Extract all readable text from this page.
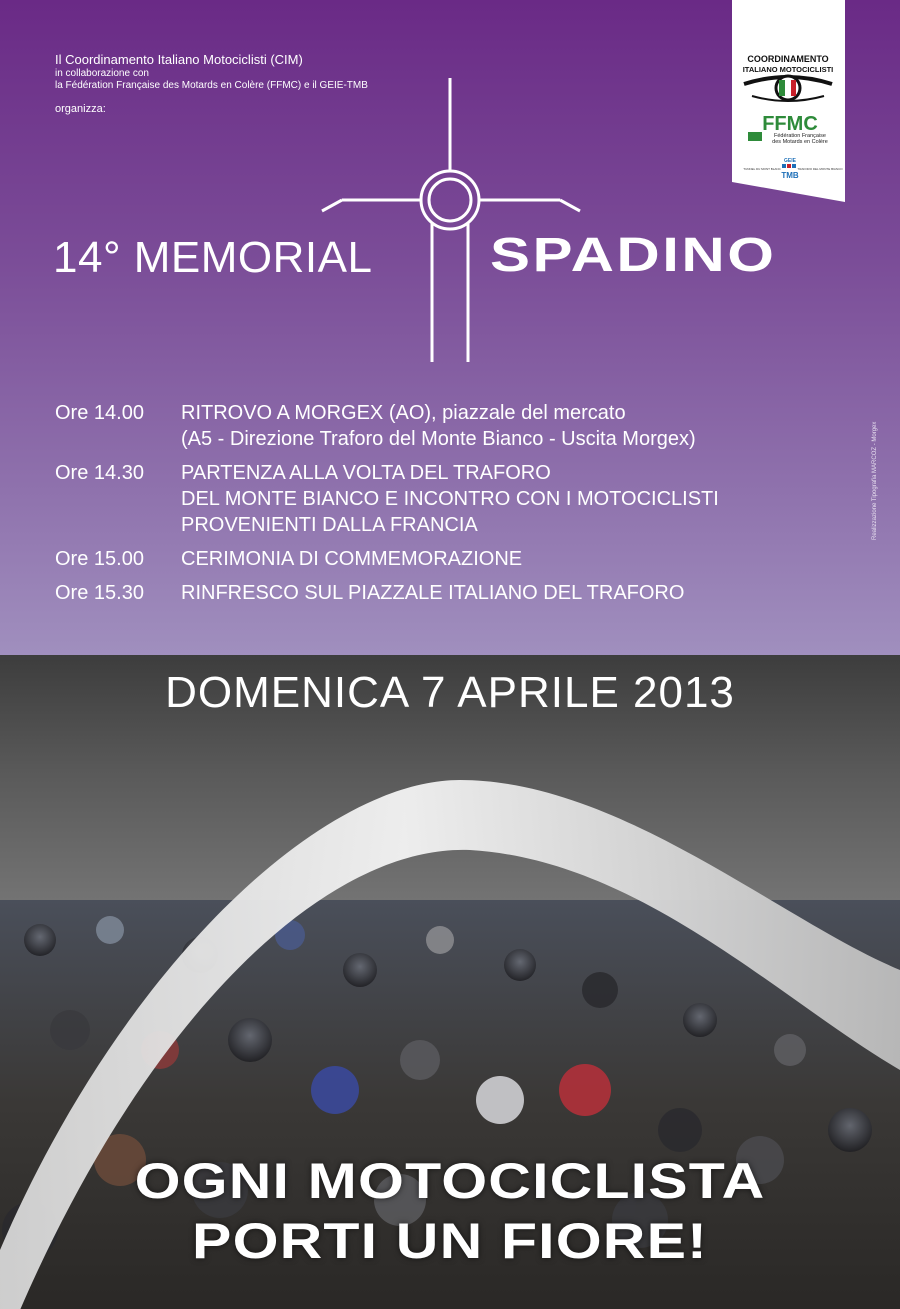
Il Coordinamento Italiano Motociclisti (CIM)
in collaborazione con
la Fédération Française des Motards en Colère (FFMC) e il GEIE-TMB
organizza:
COORDINAMENTO
ITALIANO MOTOCICLISTI
FFMC
Fédération Française
des Motards en Colère
TUNNEL DU MONT BLANC
GEIE
TMB
TRAFORO DEL MONTE BIANCO
14° MEMORIAL SPADINO
Ore 14.00	RITROVO A MORGEX (AO), piazzale del mercato
(A5 - Direzione Traforo del Monte Bianco - Uscita Morgex)
Ore 14.30	PARTENZA ALLA VOLTA DEL TRAFORO
DEL MONTE BIANCO E INCONTRO CON I MOTOCICLISTI
PROVENIENTI DALLA FRANCIA
Ore 15.00	CERIMONIA DI COMMEMORAZIONE
Ore 15.30	RINFRESCO SUL PIAZZALE ITALIANO DEL TRAFORO
Realizzazione Tipografia MARCOZ - Morgex
DOMENICA 7 APRILE 2013
OGNI MOTOCICLISTA
PORTI UN FIORE!
